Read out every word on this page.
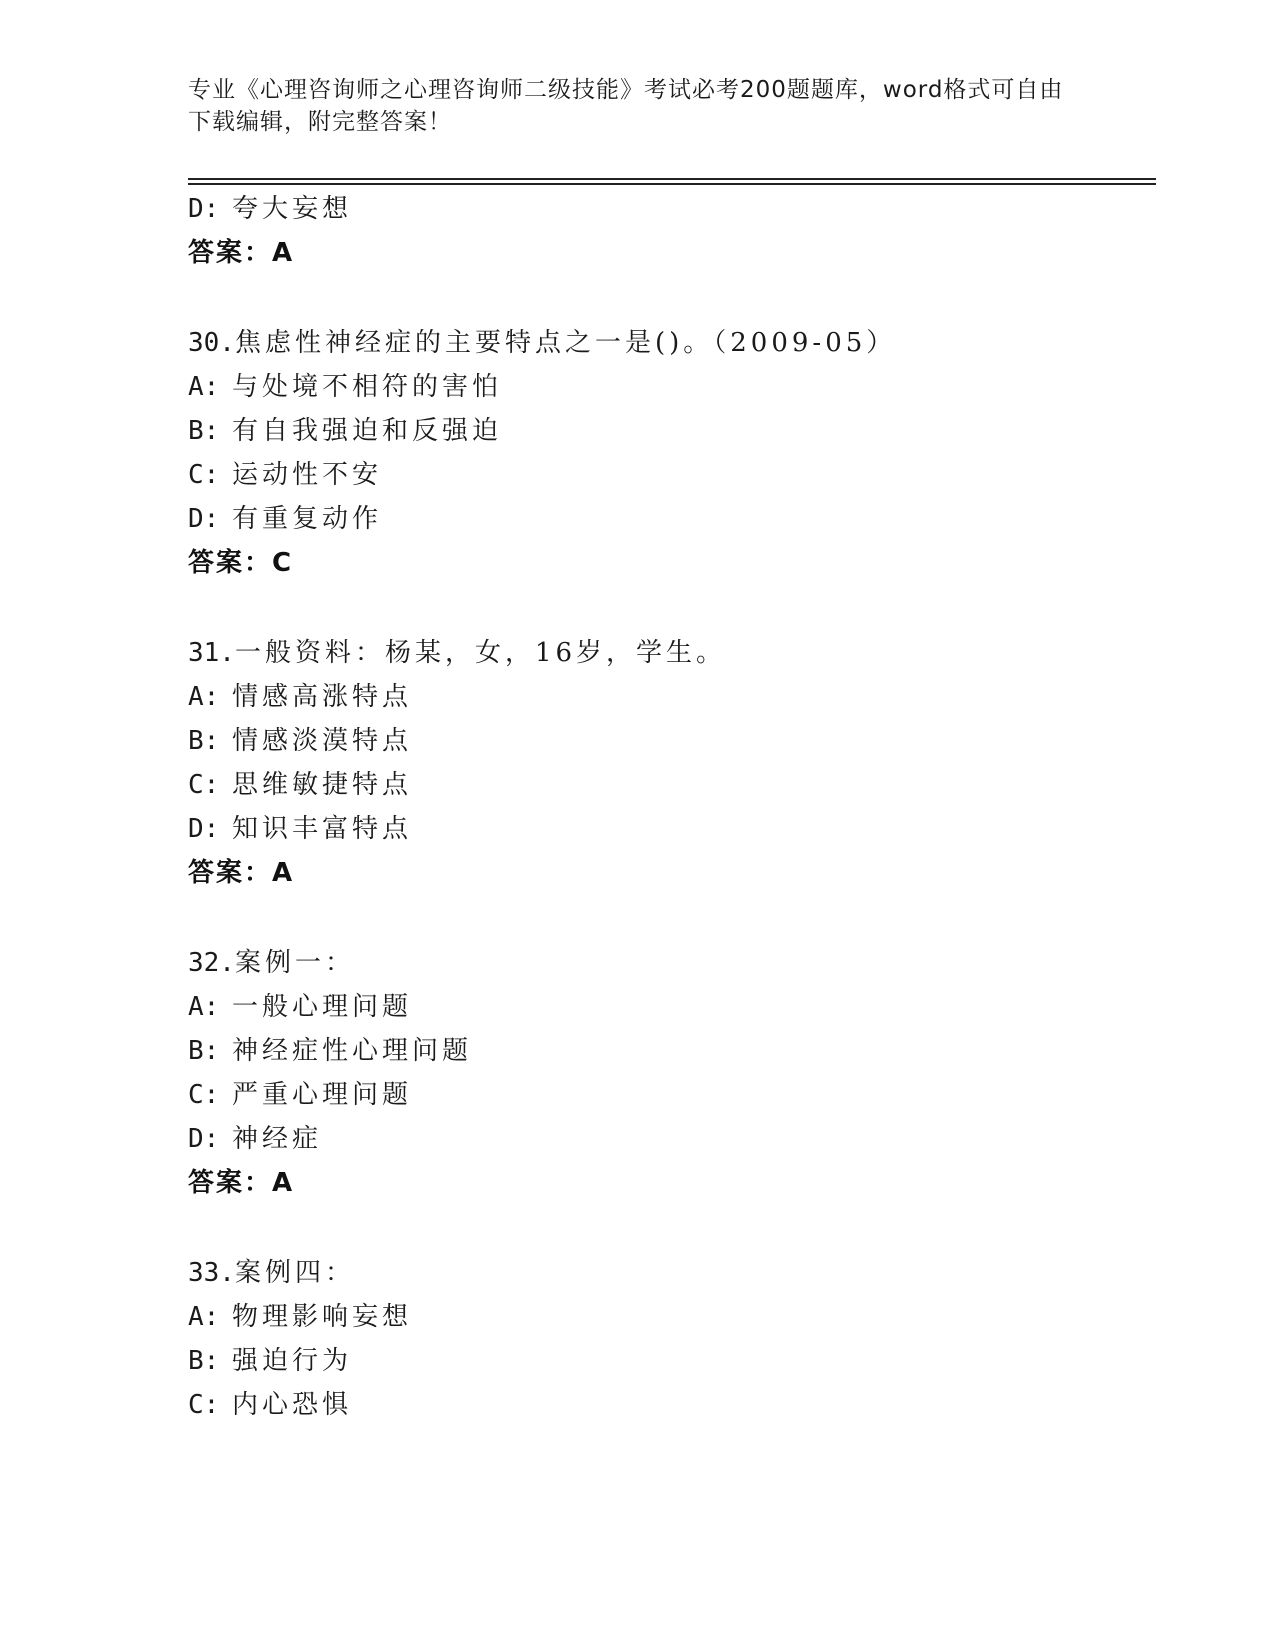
专业《心理咨询师之心理咨询师二级技能》考试必考200题题库，word格式可自由下载编辑，附完整答案！
D: 夸大妄想
答案：A
30.焦虑性神经症的主要特点之一是()。（2009-05）
A: 与处境不相符的害怕
B: 有自我强迫和反强迫
C: 运动性不安
D: 有重复动作
答案：C
31.一般资料：杨某，女，16岁，学生。
A: 情感高涨特点
B: 情感淡漠特点
C: 思维敏捷特点
D: 知识丰富特点
答案：A
32.案例一：
A: 一般心理问题
B: 神经症性心理问题
C: 严重心理问题
D: 神经症
答案：A
33.案例四：
A: 物理影响妄想
B: 强迫行为
C: 内心恐惧
